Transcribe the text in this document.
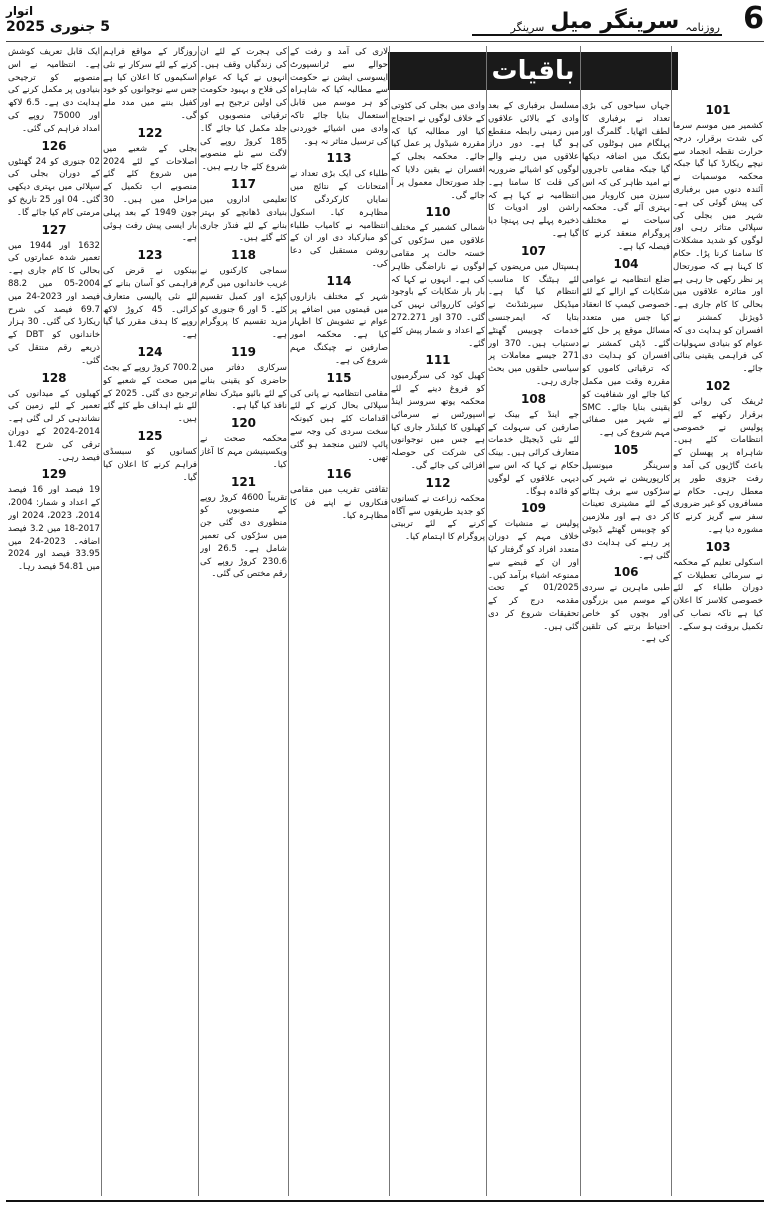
6
روزنامہ
سرینگر میل
سرینگر
اتوار
5 جنوری 2025
باقیات
101

کشمیر میں موسم سرما کی شدت برقرار، درجہ حرارت نقطہ انجماد سے نیچے ریکارڈ کیا گیا جبکہ محکمہ موسمیات نے آئندہ دنوں میں برفباری کی پیش گوئی کی ہے۔ شہر میں بجلی کی سپلائی متاثر رہی اور لوگوں کو شدید مشکلات کا سامنا کرنا پڑا۔ حکام کا کہنا ہے کہ صورتحال پر نظر رکھی جا رہی ہے اور متاثرہ علاقوں میں بحالی کا کام جاری ہے۔ ڈویژنل کمشنر نے افسران کو ہدایت دی کہ عوام کو بنیادی سہولیات کی فراہمی یقینی بنائی جائے۔

102

ٹریفک کی روانی کو برقرار رکھنے کے لئے پولیس نے خصوصی انتظامات کئے ہیں۔ شاہراہ پر پھسلن کے باعث گاڑیوں کی آمد و رفت جزوی طور پر معطل رہی۔ حکام نے مسافروں کو غیر ضروری سفر سے گریز کرنے کا مشورہ دیا ہے۔

103

اسکولی تعلیم کے محکمہ نے سرمائی تعطیلات کے دوران طلباء کے لئے خصوصی کلاسز کا اعلان کیا ہے تاکہ نصاب کی تکمیل بروقت ہو سکے۔

جہاں سیاحوں کی بڑی تعداد نے برفباری کا لطف اٹھایا۔ گلمرگ اور پہلگام میں ہوٹلوں کی بکنگ میں اضافہ دیکھا گیا جبکہ مقامی تاجروں نے امید ظاہر کی کہ اس سیزن میں کاروبار میں بہتری آئے گی۔ محکمہ سیاحت نے مختلف پروگرام منعقد کرنے کا فیصلہ کیا ہے۔

104

ضلع انتظامیہ نے عوامی شکایات کے ازالے کے لئے خصوصی کیمپ کا انعقاد کیا جس میں متعدد مسائل موقع پر حل کئے گئے۔ ڈپٹی کمشنر نے افسران کو ہدایت دی کہ ترقیاتی کاموں کو مقررہ وقت میں مکمل کیا جائے اور شفافیت کو یقینی بنایا جائے۔ SMC نے شہر میں صفائی مہم شروع کی ہے۔

105

سرینگر میونسپل کارپوریشن نے شہر کی سڑکوں سے برف ہٹانے کے لئے مشینری تعینات کر دی ہے اور ملازمین کو چوبیس گھنٹے ڈیوٹی پر رہنے کی ہدایت دی گئی ہے۔

106

طبی ماہرین نے سردی کے موسم میں بزرگوں اور بچوں کو خاص احتیاط برتنے کی تلقین کی ہے۔

مسلسل برفباری کے بعد وادی کے بالائی علاقوں میں زمینی رابطہ منقطع ہو گیا ہے۔ دور دراز علاقوں میں رہنے والے لوگوں کو اشیائے ضروریہ کی قلت کا سامنا ہے۔ انتظامیہ نے کہا ہے کہ راشن اور ادویات کا ذخیرہ پہلے ہی پہنچا دیا گیا ہے۔

107

ہسپتال میں مریضوں کے لئے ہیٹنگ کا مناسب انتظام کیا گیا ہے۔ میڈیکل سپرنٹنڈنٹ نے بتایا کہ ایمرجنسی خدمات چوبیس گھنٹے دستیاب ہیں۔ 370 اور 271 جیسے معاملات پر سیاسی حلقوں میں بحث جاری رہی۔

108

جے اینڈ کے بینک نے صارفین کی سہولت کے لئے نئی ڈیجیٹل خدمات متعارف کرائی ہیں۔ بینک حکام نے کہا کہ اس سے دیہی علاقوں کے لوگوں کو فائدہ ہوگا۔

109

پولیس نے منشیات کے خلاف مہم کے دوران متعدد افراد کو گرفتار کیا اور ان کے قبضے سے ممنوعہ اشیاء برآمد کیں۔ 01/2025 کے تحت مقدمہ درج کر کے تحقیقات شروع کر دی گئی ہیں۔

وادی میں بجلی کی کٹوتی کے خلاف لوگوں نے احتجاج کیا اور مطالبہ کیا کہ مقررہ شیڈول پر عمل کیا جائے۔ محکمہ بجلی کے افسران نے یقین دلایا کہ جلد صورتحال معمول پر آ جائے گی۔

110

شمالی کشمیر کے مختلف علاقوں میں سڑکوں کی خستہ حالت پر مقامی لوگوں نے ناراضگی ظاہر کی ہے۔ انہوں نے کہا کہ بار بار شکایات کے باوجود کوئی کارروائی نہیں کی گئی۔ 370 اور 272.271 کے اعداد و شمار پیش کئے گئے۔

111

کھیل کود کی سرگرمیوں کو فروغ دینے کے لئے محکمہ یوتھ سروسز اینڈ اسپورٹس نے سرمائی کھیلوں کا کیلنڈر جاری کیا ہے جس میں نوجوانوں کی شرکت کی حوصلہ افزائی کی جائے گی۔

112

محکمہ زراعت نے کسانوں کو جدید طریقوں سے آگاہ کرنے کے لئے تربیتی پروگرام کا اہتمام کیا۔

لاری کی آمد و رفت کے حوالے سے ٹرانسپورٹ ایسوسی ایشن نے حکومت سے مطالبہ کیا کہ شاہراہ کو ہر موسم میں قابل استعمال بنایا جائے تاکہ وادی میں اشیائے خوردنی کی ترسیل متاثر نہ ہو۔

113

طلباء کی ایک بڑی تعداد نے امتحانات کے نتائج میں نمایاں کارکردگی کا مظاہرہ کیا۔ اسکول انتظامیہ نے کامیاب طلباء کو مبارکباد دی اور ان کے روشن مستقبل کی دعا کی۔

114

شہر کے مختلف بازاروں میں قیمتوں میں اضافے پر عوام نے تشویش کا اظہار کیا ہے۔ محکمہ امور صارفین نے چیکنگ مہم شروع کی ہے۔

115

مقامی انتظامیہ نے پانی کی سپلائی بحال کرنے کے لئے اقدامات کئے ہیں کیونکہ سخت سردی کی وجہ سے پائپ لائنیں منجمد ہو گئی تھیں۔

116

ثقافتی تقریب میں مقامی فنکاروں نے اپنے فن کا مظاہرہ کیا۔

کی ہجرت کے لئے ان کی زندگیاں وقف ہیں۔ انہوں نے کہا کہ عوام کی فلاح و بہبود حکومت کی اولین ترجیح ہے اور ترقیاتی منصوبوں کو جلد مکمل کیا جائے گا۔ 185 کروڑ روپے کی لاگت سے نئے منصوبے شروع کئے جا رہے ہیں۔

117

تعلیمی اداروں میں بنیادی ڈھانچے کو بہتر بنانے کے لئے فنڈز جاری کئے گئے ہیں۔

118

سماجی کارکنوں نے غریب خاندانوں میں گرم کپڑے اور کمبل تقسیم کئے۔ 5 اور 6 جنوری کو مزید تقسیم کا پروگرام ہے۔

119

سرکاری دفاتر میں حاضری کو یقینی بنانے کے لئے بائیو میٹرک نظام نافذ کیا گیا ہے۔

120

محکمہ صحت نے ویکسینیشن مہم کا آغاز کیا۔

121

تقریباً 4600 کروڑ روپے کے منصوبوں کو منظوری دی گئی جن میں سڑکوں کی تعمیر شامل ہے۔ 26.5 اور 230.6 کروڑ روپے کی رقم مختص کی گئی۔

روزگار کے مواقع فراہم کرنے کے لئے سرکار نے نئی اسکیموں کا اعلان کیا ہے جس سے نوجوانوں کو خود کفیل بننے میں مدد ملے گی۔

122

بجلی کے شعبے میں اصلاحات کے لئے 2024 میں شروع کئے گئے منصوبے اب تکمیل کے مراحل میں ہیں۔ 30 جون 1949 کے بعد پہلی بار ایسی پیش رفت ہوئی ہے۔

123

بینکوں نے قرض کی فراہمی کو آسان بنانے کے لئے نئی پالیسی متعارف کرائی۔ 45 کروڑ لاکھ روپے کا ہدف مقرر کیا گیا ہے۔

124

700.2 کروڑ روپے کے بجٹ میں صحت کے شعبے کو ترجیح دی گئی۔ 2025 کے لئے نئے اہداف طے کئے گئے ہیں۔

125

کسانوں کو سبسڈی فراہم کرنے کا اعلان کیا گیا۔

ایک قابل تعریف کوشش ہے۔ انتظامیہ نے اس منصوبے کو ترجیحی بنیادوں پر مکمل کرنے کی ہدایت دی ہے۔ 6.5 لاکھ اور 75000 روپے کی امداد فراہم کی گئی۔

126

02 جنوری کو 24 گھنٹوں کے دوران بجلی کی سپلائی میں بہتری دیکھی گئی۔ 04 اور 25 تاریخ کو مرمتی کام کیا جائے گا۔

127

1632 اور 1944 میں تعمیر شدہ عمارتوں کی بحالی کا کام جاری ہے۔ 2004-05 میں 88.2 فیصد اور 2023-24 میں 69.7 فیصد کی شرح ریکارڈ کی گئی۔ 30 ہزار خاندانوں کو DBT کے ذریعے رقم منتقل کی گئی۔

128

کھیلوں کے میدانوں کی تعمیر کے لئے زمین کی نشاندہی کر لی گئی ہے۔ 2014-2024 کے دوران ترقی کی شرح 1.42 فیصد رہی۔

129

19 فیصد اور 16 فیصد کے اعداد و شمار: 2004، 2014، 2023، 2024 اور 2017-18 میں 3.2 فیصد اضافہ۔ 2023-24 میں 33.95 فیصد اور 2024 میں 54.81 فیصد رہا۔
